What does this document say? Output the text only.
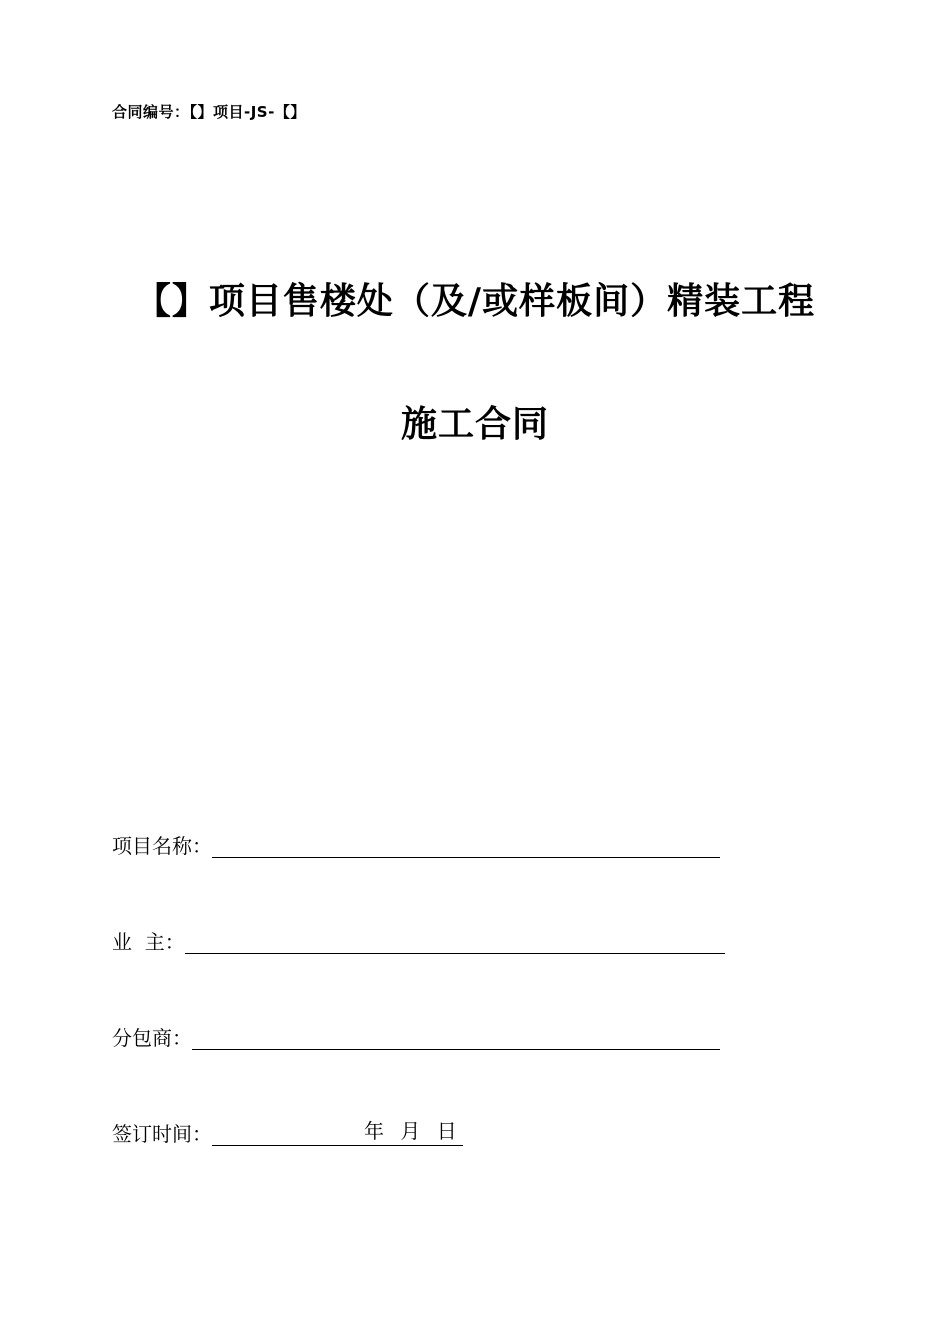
合同编号：【】项目-JS-【】
【】项目售楼处（及/或样板间）精装工程
施工合同
项目名称：
业  主：
分包商：
签订时间：	年 月 日
